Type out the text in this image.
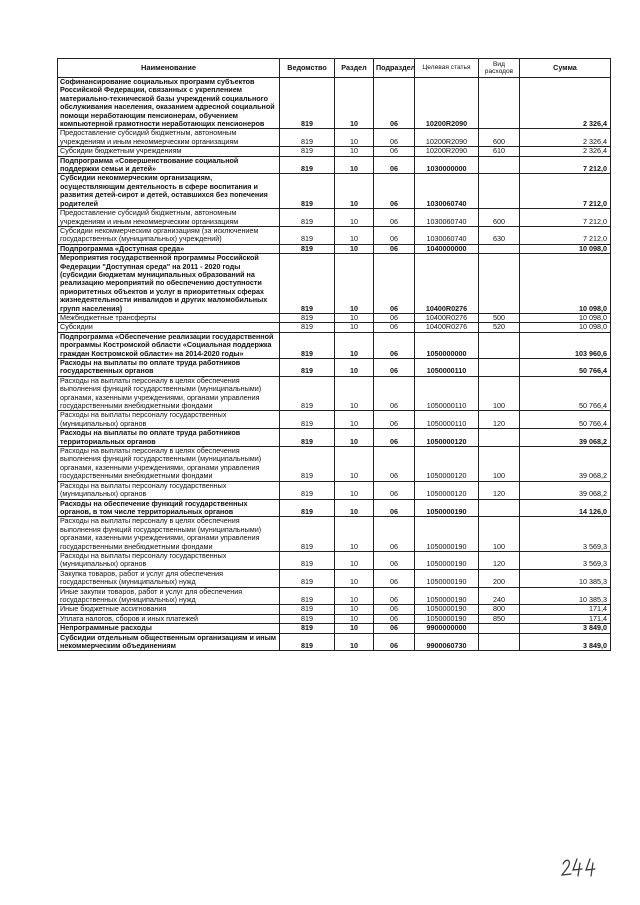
Наименование	Ведомство	Раздел	Подраздел	Целевая статья	Вид расходов	Сумма
Софинансирование социальных программ субъектов Российской Федерации, связанных с укреплением материально-технической базы учреждений социального обслуживания населения, оказанием адресной социальной помощи неработающим пенсионерам, обучением компьютерной грамотности неработающих пенсионеров	819	10	06	10200R2090		2 326,4
Предоставление субсидий бюджетным, автономным учреждениям и иным некоммерческим организациям	819	10	06	10200R2090	600	2 326,4
Субсидии бюджетным учреждениям	819	10	06	10200R2090	610	2 326,4
Подпрограмма «Совершенствование социальной поддержки семьи и детей»	819	10	06	1030000000		7 212,0
Субсидии некоммерческим организациям, осуществляющим деятельность в сфере воспитания и развития детей-сирот и детей, оставшихся без попечения родителей	819	10	06	1030060740		7 212,0
Предоставление субсидий бюджетным, автономным учреждениям и иным некоммерческим организациям	819	10	06	1030060740	600	7 212,0
Субсидии некоммерческим организациям (за исключением государственных (муниципальных) учреждений)	819	10	06	1030060740	630	7 212,0
Подпрограмма «Доступная среда»	819	10	06	1040000000		10 098,0
Мероприятия государственной программы Российской Федерации "Доступная среда" на 2011 - 2020 годы (субсидии бюджетам муниципальных образований на реализацию мероприятий по обеспечению доступности приоритетных объектов и услуг в приоритетных сферах жизнедеятельности инвалидов и других маломобильных групп населения)	819	10	06	10400R0276		10 098,0
Межбюджетные трансферты	819	10	06	10400R0276	500	10 098,0
Субсидии	819	10	06	10400R0276	520	10 098,0
Подпрограмма «Обеспечение реализации государственной программы Костромской области «Социальная поддержка граждан Костромской области» на 2014-2020 годы»	819	10	06	1050000000		103 960,6
Расходы на выплаты по оплате труда работников государственных органов	819	10	06	1050000110		50 766,4
Расходы на выплаты персоналу в целях обеспечения выполнения функций государственными (муниципальными) органами, казенными учреждениями, органами управления государственными внебюджетными фондами	819	10	06	1050000110	100	50 766,4
Расходы на выплаты персоналу государственных (муниципальных) органов	819	10	06	1050000110	120	50 766,4
Расходы на выплаты по оплате труда работников территориальных органов	819	10	06	1050000120		39 068,2
Расходы на выплаты персоналу в целях обеспечения выполнения функций государственными (муниципальными) органами, казенными учреждениями, органами управления государственными внебюджетными фондами	819	10	06	1050000120	100	39 068,2
Расходы на выплаты персоналу государственных (муниципальных) органов	819	10	06	1050000120	120	39 068,2
Расходы на обеспечение функций государственных органов, в том числе территориальных органов	819	10	06	1050000190		14 126,0
Расходы на выплаты персоналу в целях обеспечения выполнения функций государственными (муниципальными) органами, казенными учреждениями, органами управления государственными внебюджетными фондами	819	10	06	1050000190	100	3 569,3
Расходы на выплаты персоналу государственных (муниципальных) органов	819	10	06	1050000190	120	3 569,3
Закупка товаров, работ и услуг для обеспечения государственных (муниципальных) нужд	819	10	06	1050000190	200	10 385,3
Иные закупки товаров, работ и услуг для обеспечения государственных (муниципальных) нужд	819	10	06	1050000190	240	10 385,3
Иные бюджетные ассигнования	819	10	06	1050000190	800	171,4
Уплата налогов, сборов и иных платежей	819	10	06	1050000190	850	171,4
Непрограммные расходы	819	10	06	9900000000		3 849,0
Субсидии отдельным общественным организациям и иным некоммерческим объединениям	819	10	06	9900060730		3 849,0
